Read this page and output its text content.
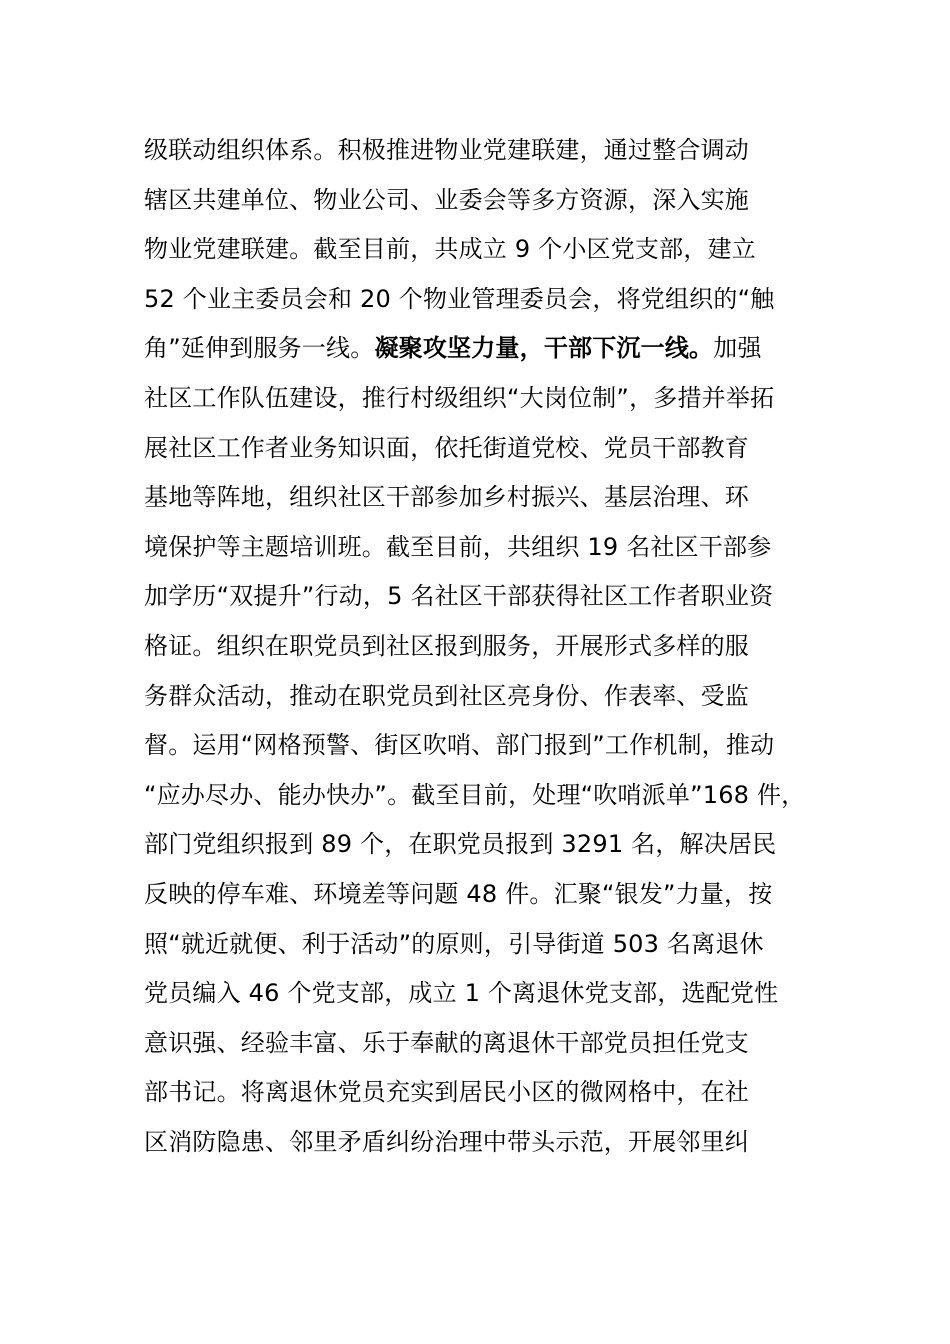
级联动组织体系。积极推进物业党建联建，通过整合调动
辖区共建单位、物业公司、业委会等多方资源，深入实施
物业党建联建。截至目前，共成立 9 个小区党支部，建立
52 个业主委员会和 20 个物业管理委员会，将党组织的“触
角”延伸到服务一线。凝聚攻坚力量，干部下沉一线。加强
社区工作队伍建设，推行村级组织“大岗位制”，多措并举拓
展社区工作者业务知识面，依托街道党校、党员干部教育
基地等阵地，组织社区干部参加乡村振兴、基层治理、环
境保护等主题培训班。截至目前，共组织 19 名社区干部参
加学历“双提升”行动，5 名社区干部获得社区工作者职业资
格证。组织在职党员到社区报到服务，开展形式多样的服
务群众活动，推动在职党员到社区亮身份、作表率、受监
督。运用“网格预警、街区吹哨、部门报到”工作机制，推动
“应办尽办、能办快办”。截至目前，处理“吹哨派单”168 件，
部门党组织报到 89 个，在职党员报到 3291 名，解决居民
反映的停车难、环境差等问题 48 件。汇聚“银发”力量，按
照“就近就便、利于活动”的原则，引导街道 503 名离退休
党员编入 46 个党支部，成立 1 个离退休党支部，选配党性
意识强、经验丰富、乐于奉献的离退休干部党员担任党支
部书记。将离退休党员充实到居民小区的微网格中，在社
区消防隐患、邻里矛盾纠纷治理中带头示范，开展邻里纠
